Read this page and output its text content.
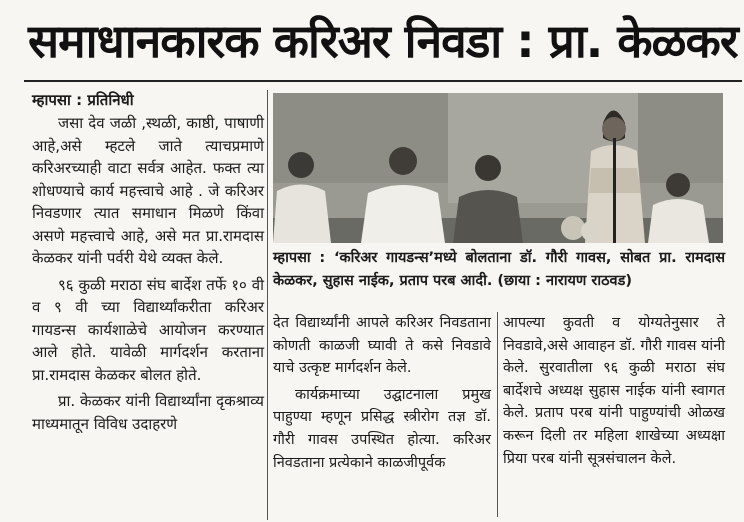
समाधानकारक करिअर निवडा : प्रा. केळकर
म्हापसा : प्रतिनिधी

जसा देव जळी ,स्थळी, काष्ठी, पाषाणी आहे,असे म्हटले जाते त्याचप्रमाणे करिअरच्याही वाटा सर्वत्र आहेत. फक्त त्या शोधण्याचे कार्य महत्त्वाचे आहे . जे करिअर निवडणार त्यात समाधान मिळणे किंवा असणे महत्त्वाचे आहे, असे मत प्रा.रामदास केळकर यांनी पर्वरी येथे व्यक्त केले.

९६ कुळी मराठा संघ बार्देश तर्फे १० वी व ९ वी च्या विद्यार्थ्यांकरीता करिअर गायडन्स कार्यशाळेचे आयोजन करण्यात आले होते. यावेळी मार्गदर्शन करताना प्रा.रामदास केळकर बोलत होते.

प्रा. केळकर यांनी विद्यार्थ्यांना दृकश्राव्य माध्यमातून विविध उदाहरणे

म्हापसा : ‘करिअर गायडन्स’मध्ये बोलताना डॉ. गौरी गावस, सोबत प्रा. रामदास केळकर, सुहास नाईक, प्रताप परब आदी. (छाया : नारायण राठवड)

देत विद्यार्थ्यांनी आपले करिअर निवडताना कोणती काळजी घ्यावी ते कसे निवडावे याचे उत्कृष्ट मार्गदर्शन केले.

कार्यक्रमाच्या उद्घाटनाला प्रमुख पाहुण्या म्हणून प्रसिद्ध स्त्रीरोग तज्ञ डॉ. गौरी गावस उपस्थित होत्या. करिअर निवडताना प्रत्येकाने काळजीपूर्वक

आपल्या कुवती व योग्यतेनुसार ते निवडावे,असे आवाहन डॉ. गौरी गावस यांनी केले. सुरवातीला ९६ कुळी मराठा संघ बार्देशचे अध्यक्ष सुहास नाईक यांनी स्वागत केले. प्रताप परब यांनी पाहुण्यांची ओळख करून दिली तर महिला शाखेच्या अध्यक्षा प्रिया परब यांनी सूत्रसंचालन केले.
